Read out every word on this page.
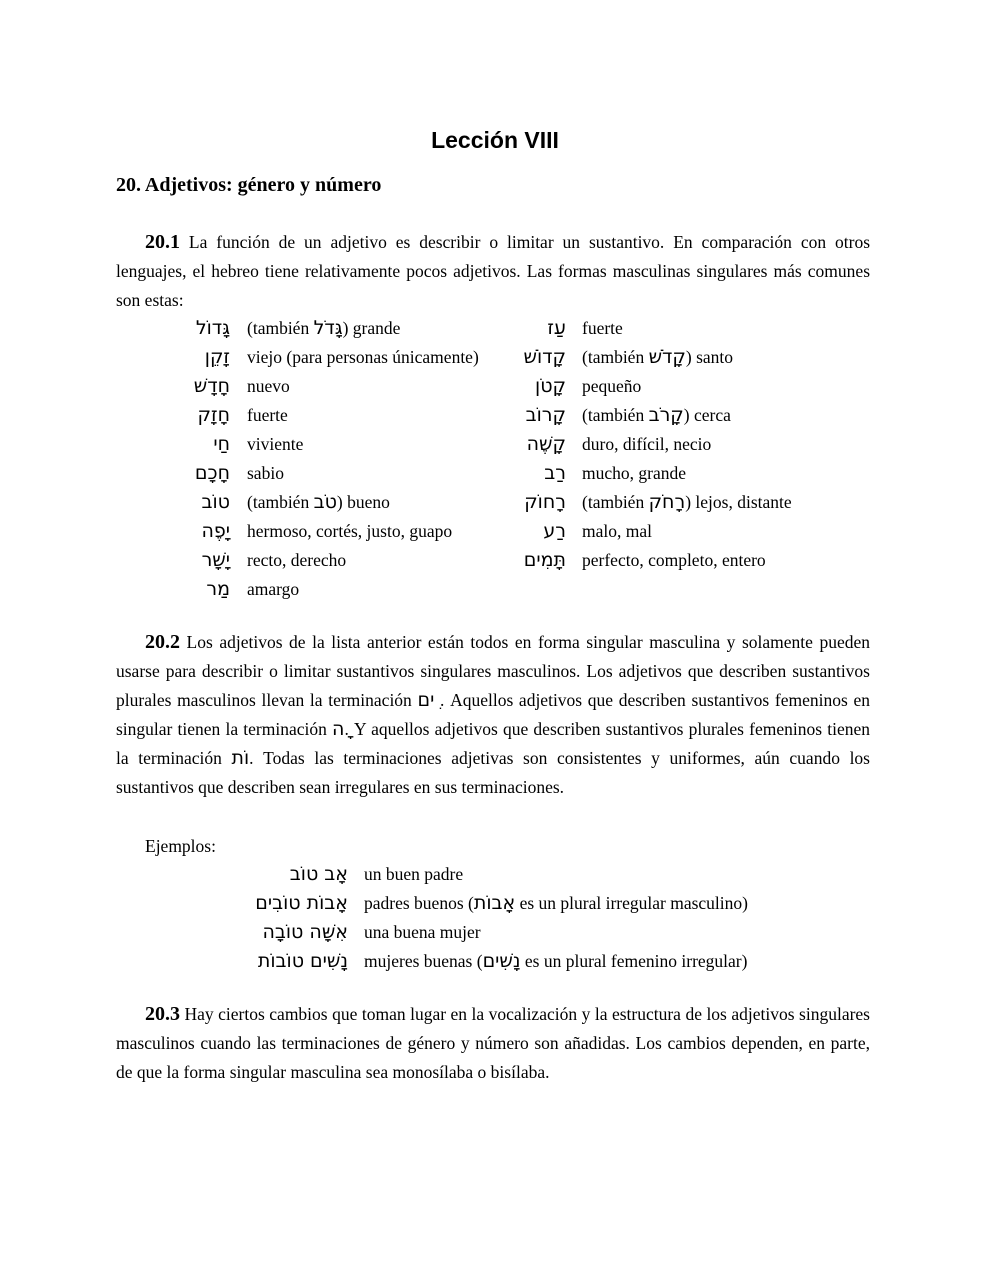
Lección VIII
20. Adjetivos: género y número
20.1 La función de un adjetivo es describir o limitar un sustantivo. En comparación con otros lenguajes, el hebreo tiene relativamente pocos adjetivos. Las formas masculinas singulares más comunes son estas:
גָּדוֹל (también גָּדֹל) grande	עַז fuerte
זָקֵן viejo (para personas únicamente)	קָדוֹשׁ (también קָדֹשׁ) santo
חָדָשׁ nuevo	קָטֹן pequeño
חָזָק fuerte	קָרוֹב (también קָרֹב) cerca
חַי viviente	קָשֶׁה duro, difícil, necio
חָכָם sabio	רַב mucho, grande
טוֹב (también טֹב) bueno	רָחוֹק (también רָחֹק) lejos, distante
יָפֶה hermoso, cortés, justo, guapo	רַע malo, mal
יָשָׁר recto, derecho	תָּמִים perfecto, completo, entero
מַר amargo
20.2 Los adjetivos de la lista anterior están todos en forma singular masculina y solamente pueden usarse para describir o limitar sustantivos singulares masculinos. Los adjetivos que describen sustantivos plurales masculinos llevan la terminación ִים . Aquellos adjetivos que describen sustantivos femeninos en singular tienen la terminación ָה. Y aquellos adjetivos que describen sustantivos plurales femeninos tienen la terminación וֹת. Todas las terminaciones adjetivas son consistentes y uniformes, aún cuando los sustantivos que describen sean irregulares en sus terminaciones.
Ejemplos:
אָב טוֹב un buen padre
אָבוֹת טוֹבִים padres buenos (אָבוֹת es un plural irregular masculino)
אִשָּׁה טוֹבָה una buena mujer
נָשִׁים טוֹבוֹת mujeres buenas (נָשִׁים es un plural femenino irregular)
20.3 Hay ciertos cambios que toman lugar en la vocalización y la estructura de los adjetivos singulares masculinos cuando las terminaciones de género y número son añadidas. Los cambios dependen, en parte, de que la forma singular masculina sea monosílaba o bisílaba.
